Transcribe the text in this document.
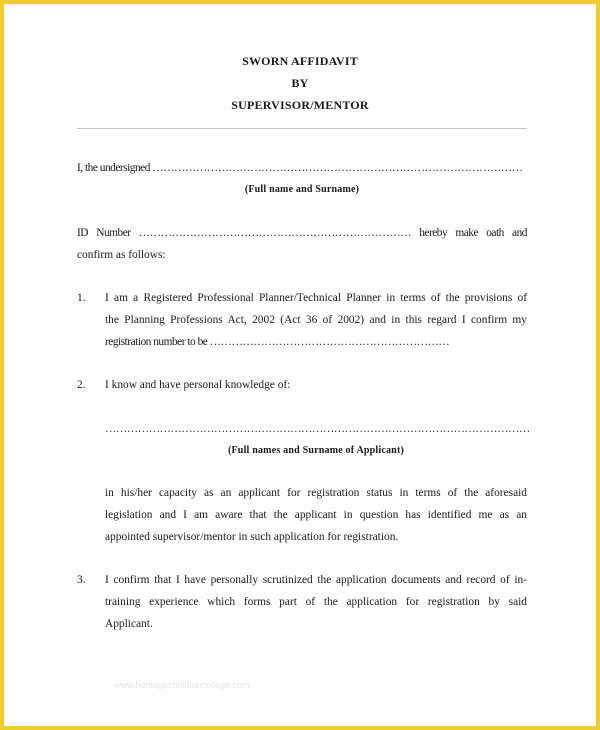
SWORN AFFIDAVIT
BY
SUPERVISOR/MENTOR
I, the undersigned …………………………………………………………………………………………
(Full name and Surname)
ID Number ………………………………………………………………… hereby make oath and
confirm as follows:
1. I am a Registered Professional Planner/Technical Planner in terms of the provisions of
the Planning Professions Act, 2002 (Act 36 of 2002) and in this regard I confirm my
registration number to be …………………………………………………………
2. I know and have personal knowledge of:
………………………………………………………………………………………………………
(Full names and Surname of Applicant)
in his/her capacity as an applicant for registration status in terms of the aforesaid
legislation and I am aware that the applicant in question has identified me as an
appointed supervisor/mentor in such application for registration.
3. I confirm that I have personally scrutinized the application documents and record of in-
training experience which forms part of the application for registration by said
Applicant.
www.heritagechristiancollege.com
